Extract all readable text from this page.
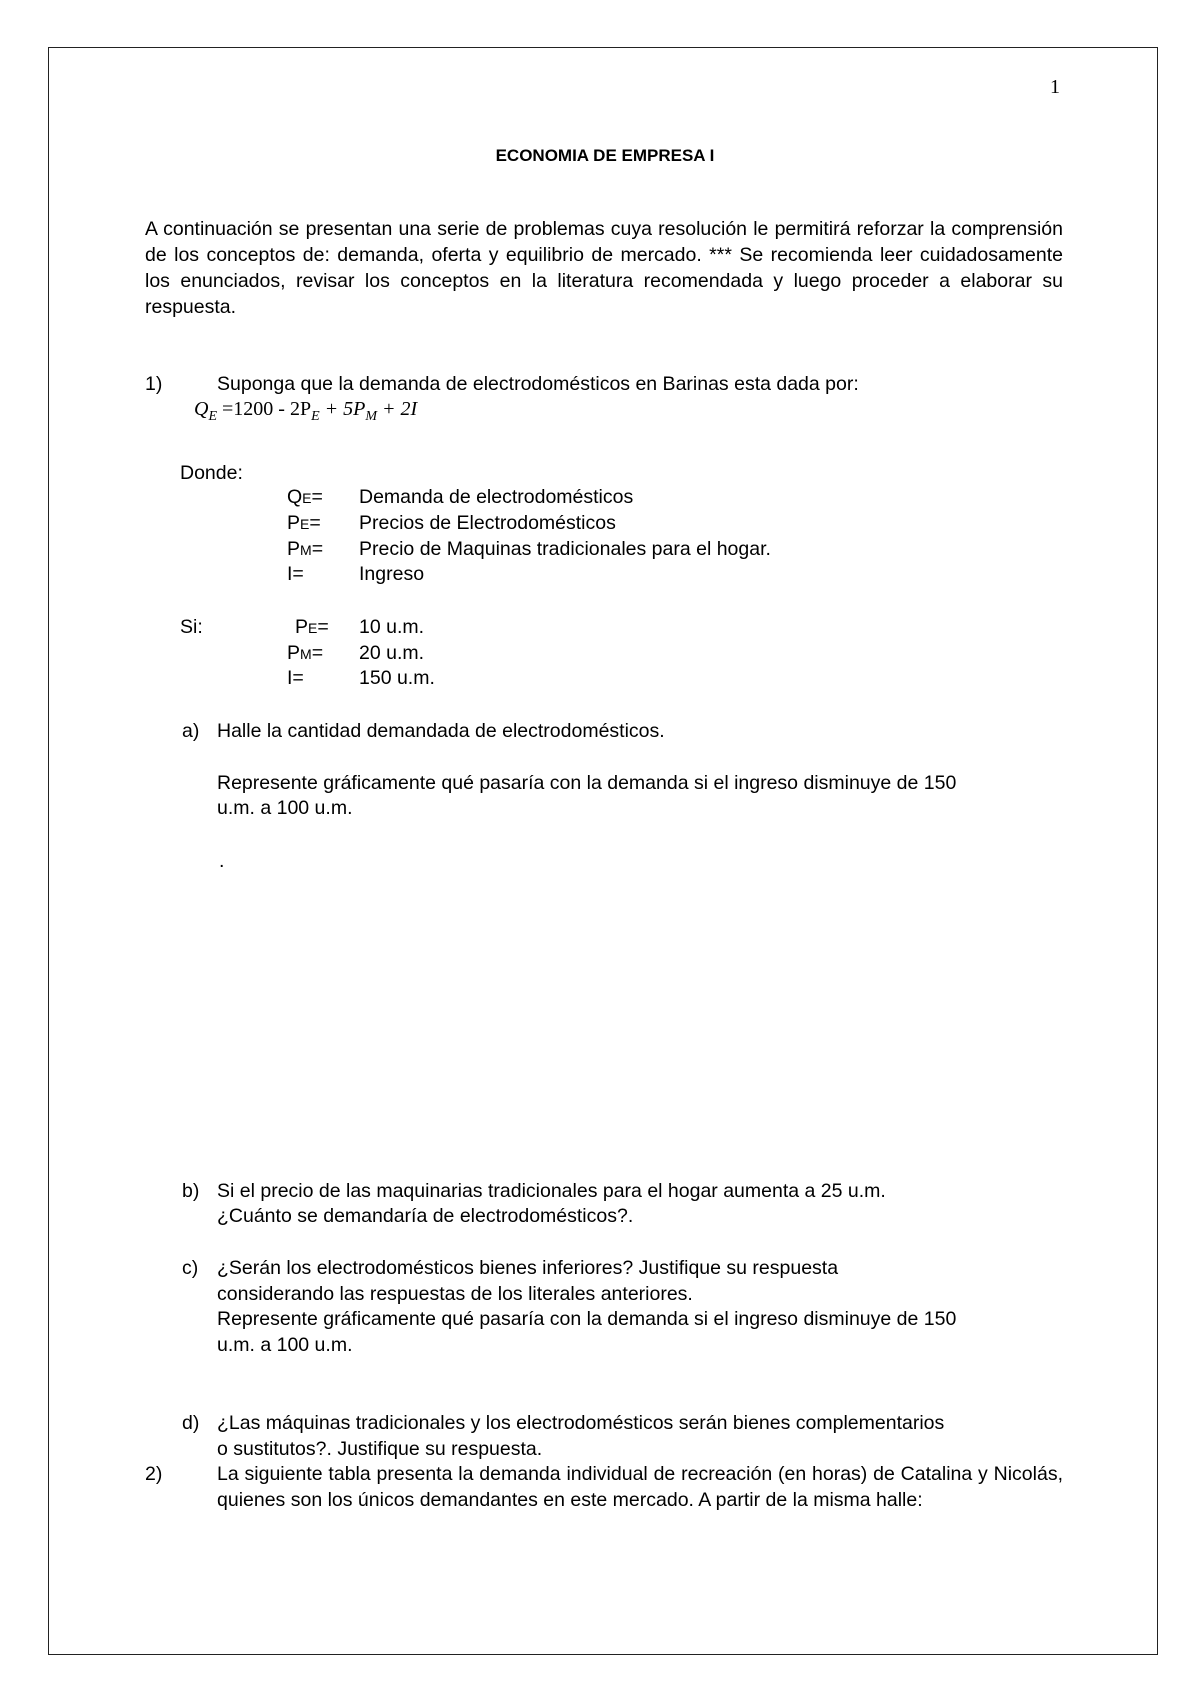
1
ECONOMIA DE EMPRESA I
A continuación se presentan una serie de problemas cuya resolución le permitirá reforzar la comprensión de los conceptos de: demanda, oferta y equilibrio de mercado. *** Se recomienda leer cuidadosamente los enunciados, revisar los conceptos en la literatura recomendada y luego proceder a elaborar su respuesta.
1)	Suponga que la demanda de electrodomésticos en Barinas esta dada por:
$Q_E =1200 - 2P_E + 5P_M + 2I$
Donde:
QE= Demanda de electrodomésticos
PE= Precios de Electrodomésticos
PM= Precio de Maquinas tradicionales para el hogar.
I=	Ingreso
Si:	PE= 10 u.m.
PM= 20 u.m.
I=	150 u.m.
a) Halle la cantidad demandada de electrodomésticos.
Represente gráficamente qué pasaría con la demanda si el ingreso disminuye de 150
u.m. a 100 u.m.
.
b) Si el precio de las maquinarias tradicionales para el hogar aumenta a 25 u.m.
¿Cuánto se demandaría de electrodomésticos?.
c) ¿Serán los electrodomésticos bienes inferiores? Justifique su respuesta
considerando las respuestas de los literales anteriores.
Represente gráficamente qué pasaría con la demanda si el ingreso disminuye de 150
u.m. a 100 u.m.
d) ¿Las máquinas tradicionales y los electrodomésticos serán bienes complementarios
o sustitutos?. Justifique su respuesta.
2)	La siguiente tabla presenta la demanda individual de recreación (en horas) de Catalina y Nicolás, quienes son los únicos demandantes en este mercado. A partir de la misma halle:
